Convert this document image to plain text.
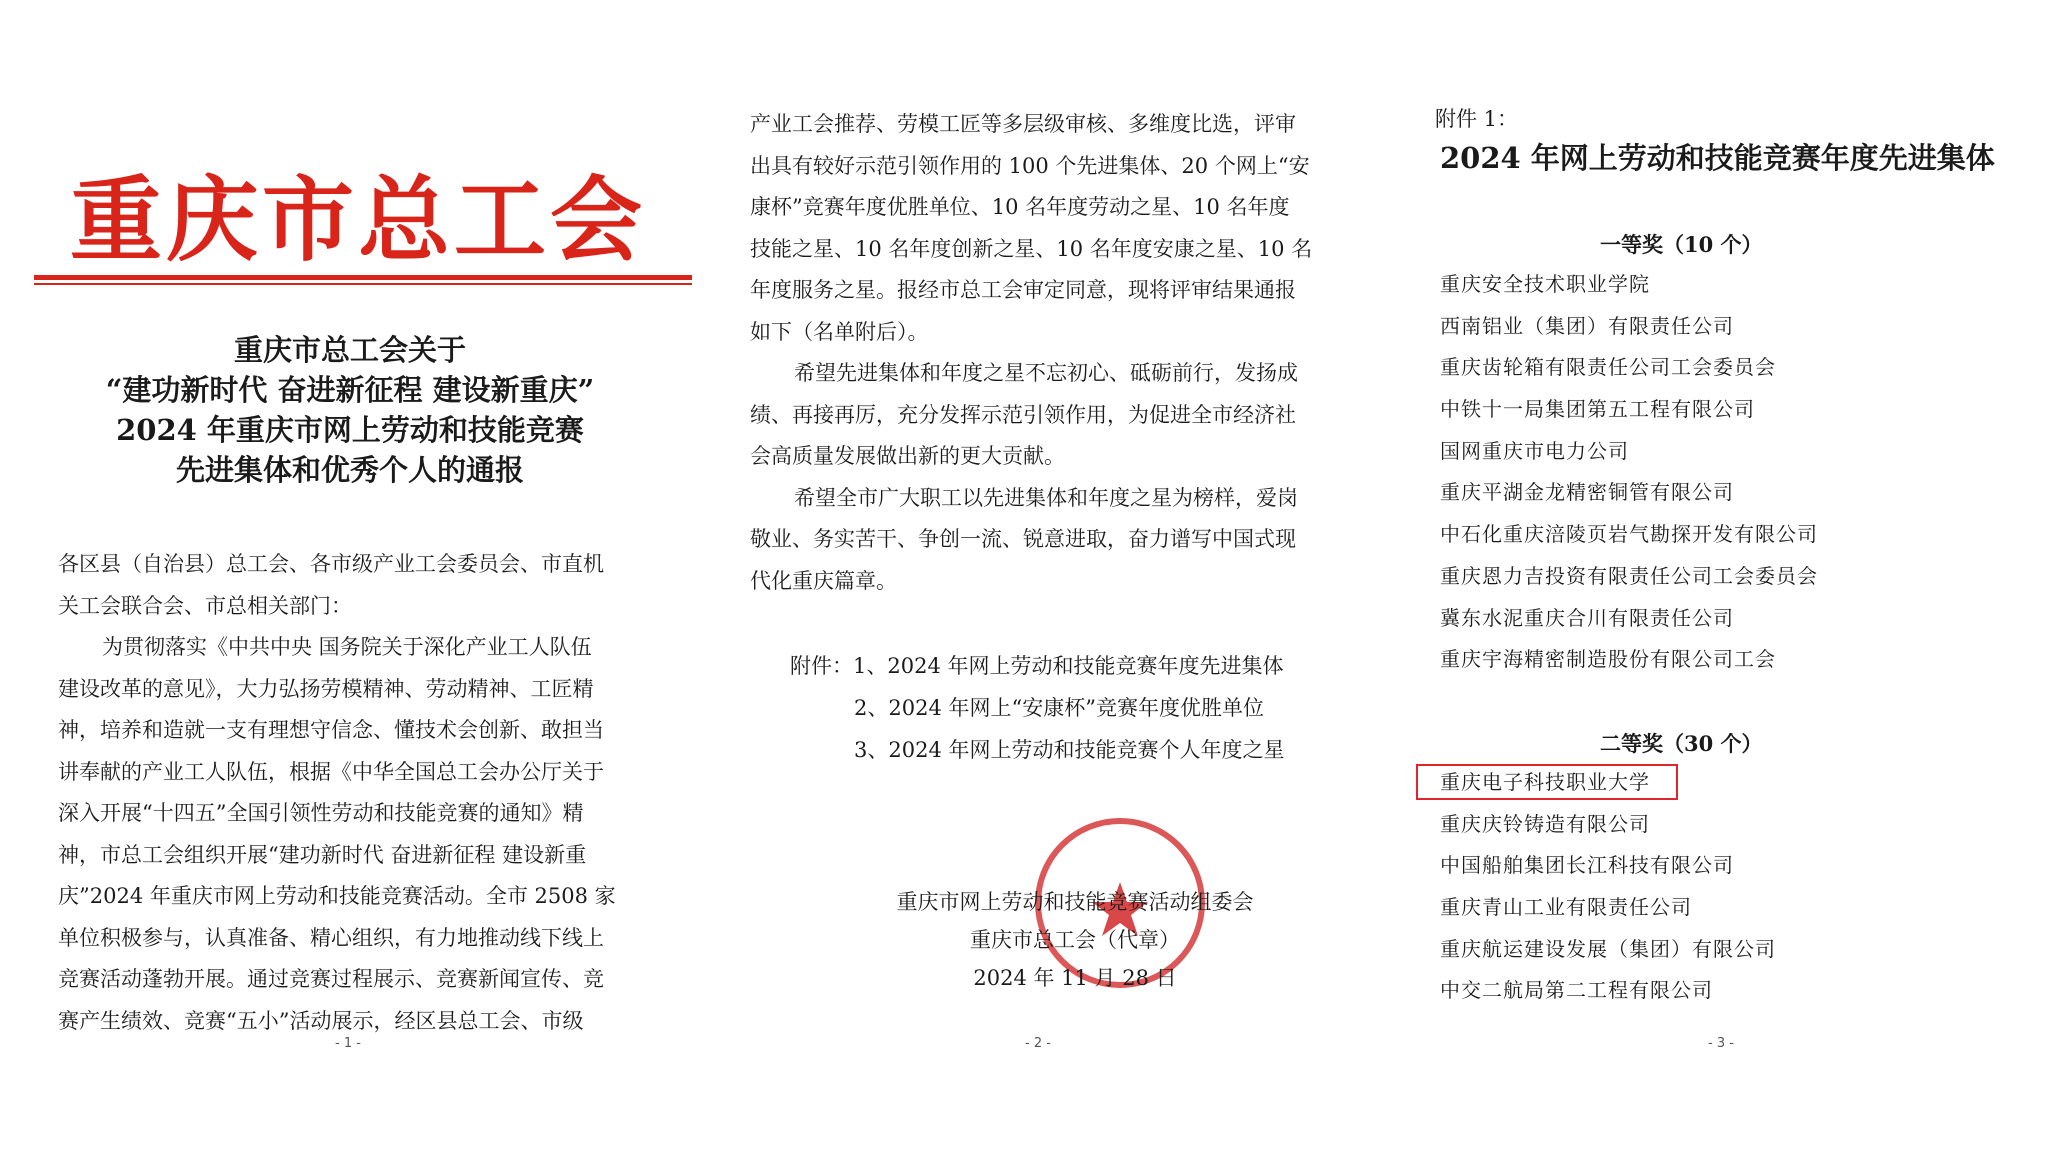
重庆市总工会
重庆市总工会关于
“建功新时代 奋进新征程 建设新重庆”
2024 年重庆市网上劳动和技能竞赛
先进集体和优秀个人的通报
各区县（自治县）总工会、各市级产业工会委员会、市直机
关工会联合会、市总相关部门：
为贯彻落实《中共中央 国务院关于深化产业工人队伍
建设改革的意见》，大力弘扬劳模精神、劳动精神、工匠精
神，培养和造就一支有理想守信念、懂技术会创新、敢担当
讲奉献的产业工人队伍，根据《中华全国总工会办公厅关于
深入开展“十四五”全国引领性劳动和技能竞赛的通知》精
神，市总工会组织开展“建功新时代 奋进新征程 建设新重
庆”2024 年重庆市网上劳动和技能竞赛活动。全市 2508 家
单位积极参与，认真准备、精心组织，有力地推动线下线上
竞赛活动蓬勃开展。通过竞赛过程展示、竞赛新闻宣传、竞
赛产生绩效、竞赛“五小”活动展示，经区县总工会、市级
- 1 -
产业工会推荐、劳模工匠等多层级审核、多维度比选，评审
出具有较好示范引领作用的 100 个先进集体、20 个网上“安
康杯”竞赛年度优胜单位、10 名年度劳动之星、10 名年度
技能之星、10 名年度创新之星、10 名年度安康之星、10 名
年度服务之星。报经市总工会审定同意，现将评审结果通报
如下（名单附后）。
希望先进集体和年度之星不忘初心、砥砺前行，发扬成
绩、再接再厉，充分发挥示范引领作用，为促进全市经济社
会高质量发展做出新的更大贡献。
希望全市广大职工以先进集体和年度之星为榜样，爱岗
敬业、务实苦干、争创一流、锐意进取，奋力谱写中国式现
代化重庆篇章。
附件：1、2024 年网上劳动和技能竞赛年度先进集体
2、2024 年网上“安康杯”竞赛年度优胜单位
3、2024 年网上劳动和技能竞赛个人年度之星
重庆市网上劳动和技能竞赛活动组委会
重庆市总工会（代章）
2024 年 11 月 28 日
- 2 -
附件 1：
2024 年网上劳动和技能竞赛年度先进集体
一等奖（10 个）
重庆安全技术职业学院
西南铝业（集团）有限责任公司
重庆齿轮箱有限责任公司工会委员会
中铁十一局集团第五工程有限公司
国网重庆市电力公司
重庆平湖金龙精密铜管有限公司
中石化重庆涪陵页岩气勘探开发有限公司
重庆恩力吉投资有限责任公司工会委员会
冀东水泥重庆合川有限责任公司
重庆宇海精密制造股份有限公司工会
二等奖（30 个）
重庆电子科技职业大学
重庆庆铃铸造有限公司
中国船舶集团长江科技有限公司
重庆青山工业有限责任公司
重庆航运建设发展（集团）有限公司
中交二航局第二工程有限公司
- 3 -
